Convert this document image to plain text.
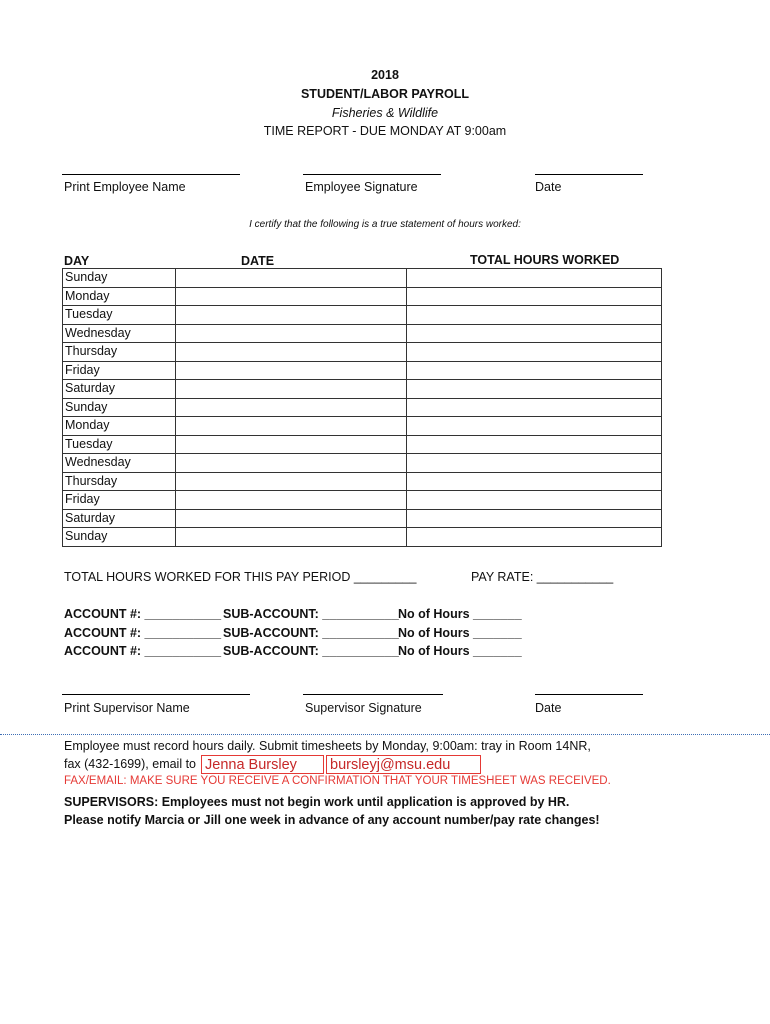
2018
STUDENT/LABOR PAYROLL
Fisheries & Wildlife
TIME REPORT - DUE MONDAY AT 9:00am
Print Employee Name	Employee Signature	Date
I certify that the following is a true statement of hours worked:
DAY	DATE	TOTAL HOURS WORKED
Sunday		
Monday		
Tuesday		
Wednesday		
Thursday		
Friday		
Saturday		
Sunday		
Monday		
Tuesday		
Wednesday		
Thursday		
Friday		
Saturday		
Sunday		
TOTAL HOURS WORKED FOR THIS PAY PERIOD _________	PAY RATE: ___________
ACCOUNT #: ___________ SUB-ACCOUNT: ___________ No of Hours _______
ACCOUNT #: ___________ SUB-ACCOUNT: ___________ No of Hours _______
ACCOUNT #: ___________ SUB-ACCOUNT: ___________ No of Hours _______
Print Supervisor Name	Supervisor Signature	Date
Employee must record hours daily. Submit timesheets by Monday, 9:00am: tray in Room 14NR,
fax (432-1699), email to Jenna Bursley	bursleyj@msu.edu
FAX/EMAIL: MAKE SURE YOU RECEIVE A CONFIRMATION THAT YOUR TIMESHEET WAS RECEIVED.
SUPERVISORS: Employees must not begin work until application is approved by HR.
Please notify Marcia or Jill one week in advance of any account number/pay rate changes!
